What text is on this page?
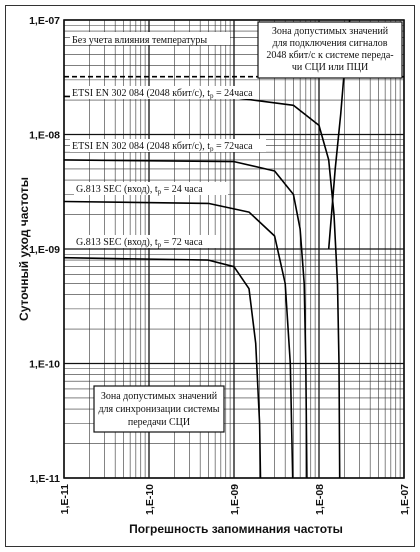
1,E-11	1,E-10	1,E-09	1,E-08	1,E-07
1,E-11
1,E-10
1,E-09
1,E-08
1,E-07
Без учета влияния температуры
ETSI EN 302 084 (2048 кбит/с), $t_р$ = 24часа
ETSI EN 302 084 (2048 кбит/с), $t_р$ = 72часа
G.813 SEC (вход), $t_р = 24$ часа
G.813 SEC (вход), $t_р = 72$ часа
Зона допустимых значений
для подключения сигналов
2048 кбит/с к системе переда-
чи СЦИ или ПЦИ
Зона допустимых значений
для синхронизации системы
передачи СЦИ
Погрешность запоминания частоты
Суточный уход частоты
